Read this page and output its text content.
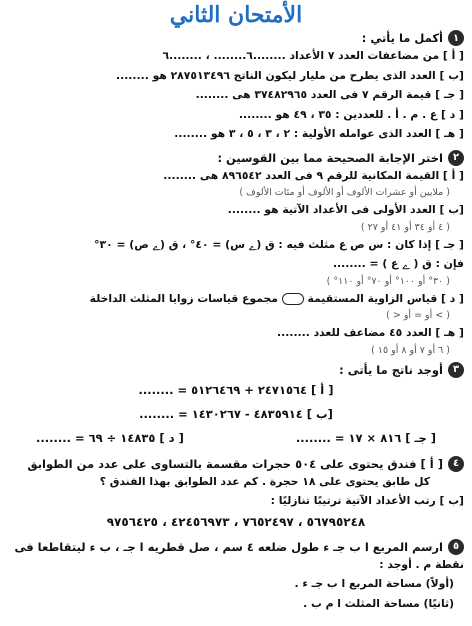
الأمتحان الثاني
١
أكمل ما يأتي :
[ أ ] من مضاعفات العدد ٧ الأعداد ........٦........ ، ........٦
[ب ] العدد الذى يطرح من مليار ليكون الناتج ٢٨٧٥١٣٤٩٦ هو ........
[ جـ ] قيمة الرقم ٧ فى العدد ٣٧٤٨٢٩٦٥ هى ........
[ د ] ع . م . أ . للعددين : ٣٥ ، ٤٩ هو ........
[ هـ ] العدد الذى عوامله الأولية : ٢ ، ٣ ، ٥ ، ٣ هو ........
٢
اختر الإجابة الصحيحة مما بين القوسين :
[ أ ] القيمة المكانية للرقم ٩ فى العدد ٨٩٦٥٤٢ هى ........
( ملايين أو عشرات الألوف أو الألوف أو مئات الألوف )
[ب ] العدد الأولى فى الأعداد الآتية هو ........
( ٤ أو ٣٤ أو ٤١ أو ٢٧ )
[ جـ ] إذا كان : س ص ع مثلث فيه : ق (ﮮ س) = ٤٠° ، ق (ﮮ ص) = ٣٠°
فإن : ق ( ﮮ ع ) = ........
( ٣٠° أو ١٠٠° أو ٧٠° أو ١١٠° )
[ د ] قياس الزاوية المستقيمة  مجموع قياسات زوايا المثلث الداخلة
( > أو = أو < )
[ هـ ] العدد ٤٥ مضاعف للعدد ........
( ٦ أو ٧ أو ٨ أو ١٥ )
٣
أوجد ناتج ما يأتى :
[ أ ] ٢٤٧١٥٦٤ + ٥١٢٦٤٦٩ = ........
[ب ] ٤٨٣٥٩١٤ - ١٤٣٠٢٦٧ = ........
[ جـ ] ٨١٦ × ١٧ = ........
[ د ] ١٤٨٣٥ ÷ ٦٩ = ........
٤
[ أ ] فندق يحتوى على ٥٠٤ حجرات مقسمة بالتساوى على عدد من الطوابق
كل طابق يحتوى على ١٨ حجرة . كم عدد الطوابق بهذا الفندق ؟
[ب ] رتب الأعداد الآتية ترتيبًا تنازليًا :
٥٦٧٩٥٢٤٨ ، ٧٦٥٢٤٩٧ ، ٤٢٤٥٦٩٧٣ ، ٩٧٥٦٤٢٥
٥
ارسم المربع ا ب جـ ء طول ضلعه ٤ سم ، صل قطريه ا جـ ، ب ء ليتقاطعا فى
نقطة م . أوجد :
(أولاً) مساحة المربع ا ب جـ ء .
(ثانيًا) مساحة المثلث ا م ب .
